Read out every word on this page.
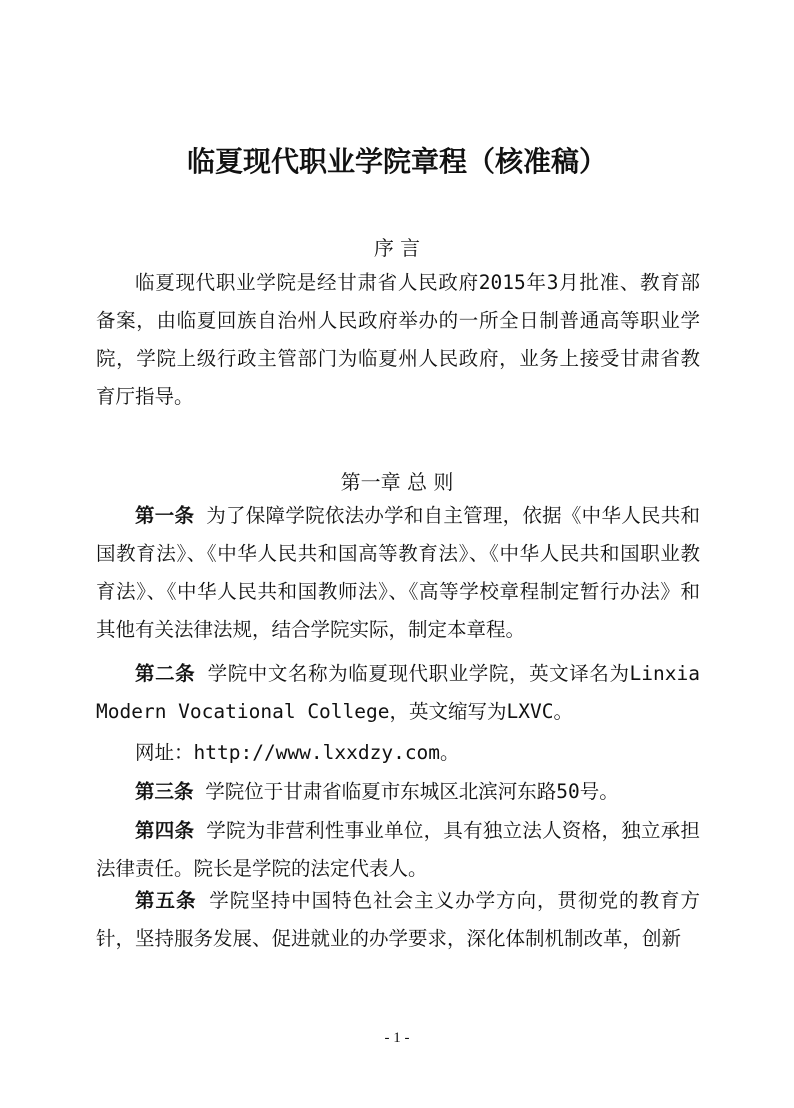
临夏现代职业学院章程（核准稿）
序 言

临夏现代职业学院是经甘肃省人民政府2015年3月批准、教育部备案，由临夏回族自治州人民政府举办的一所全日制普通高等职业学院，学院上级行政主管部门为临夏州人民政府，业务上接受甘肃省教育厅指导。

第一章 总 则

第一条 为了保障学院依法办学和自主管理，依据《中华人民共和国教育法》、《中华人民共和国高等教育法》、《中华人民共和国职业教育法》、《中华人民共和国教师法》、《高等学校章程制定暂行办法》和其他有关法律法规，结合学院实际，制定本章程。

第二条 学院中文名称为临夏现代职业学院，英文译名为Linxia Modern Vocational College，英文缩写为LXVC。

网址：http://www.lxxdzy.com。

第三条 学院位于甘肃省临夏市东城区北滨河东路50号。

第四条 学院为非营利性事业单位，具有独立法人资格，独立承担法律责任。院长是学院的法定代表人。

第五条 学院坚持中国特色社会主义办学方向，贯彻党的教育方针，坚持服务发展、促进就业的办学要求，深化体制机制改革，创新

- 1 -
